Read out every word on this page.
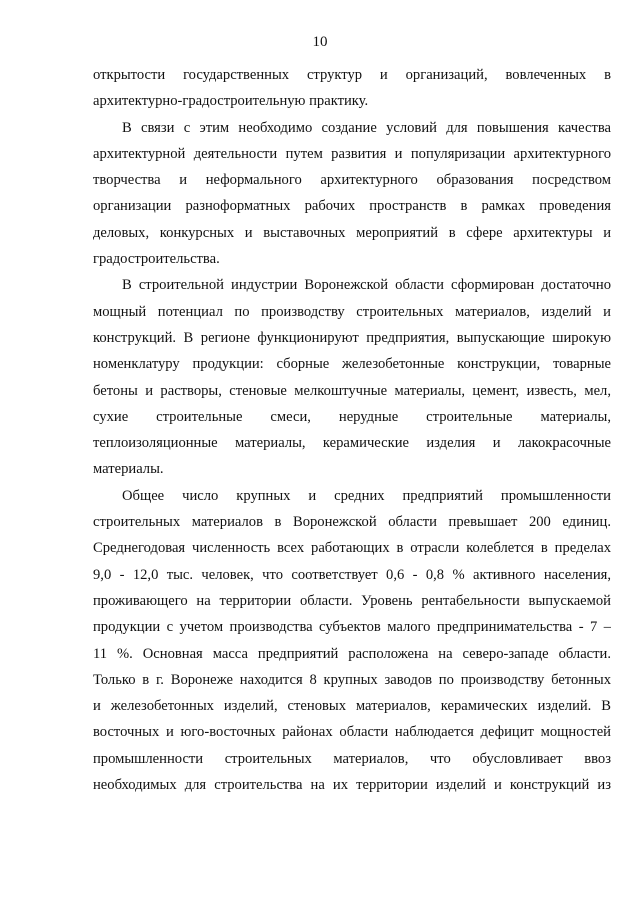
10
открытости государственных структур и организаций, вовлеченных в
архитектурно-градостроительную практику.
В связи с этим необходимо создание условий для повышения качества
архитектурной деятельности путем развития и популяризации архитектурного
творчества и неформального архитектурного образования посредством
организации разноформатных рабочих пространств в рамках проведения
деловых, конкурсных и выставочных мероприятий в сфере архитектуры и
градостроительства.
В строительной индустрии Воронежской области сформирован достаточно
мощный потенциал по производству строительных материалов, изделий и
конструкций. В регионе функционируют предприятия, выпускающие широкую
номенклатуру продукции: сборные железобетонные конструкции, товарные
бетоны и растворы, стеновые мелкоштучные материалы, цемент, известь, мел,
сухие строительные смеси, нерудные строительные материалы,
теплоизоляционные материалы, керамические изделия и лакокрасочные
материалы.
Общее число крупных и средних предприятий промышленности
строительных материалов в Воронежской области превышает 200 единиц.
Среднегодовая численность всех работающих в отрасли колеблется в пределах
9,0 - 12,0 тыс. человек, что соответствует 0,6 - 0,8 % активного населения,
проживающего на территории области. Уровень рентабельности выпускаемой
продукции с учетом производства субъектов малого предпринимательства - 7 –
11 %. Основная масса предприятий расположена на северо-западе области.
Только в г. Воронеже находится 8 крупных заводов по производству бетонных
и железобетонных изделий, стеновых материалов, керамических изделий. В
восточных и юго-восточных районах области наблюдается дефицит мощностей
промышленности строительных материалов, что обусловливает ввоз
необходимых для строительства на их территории изделий и конструкций из
